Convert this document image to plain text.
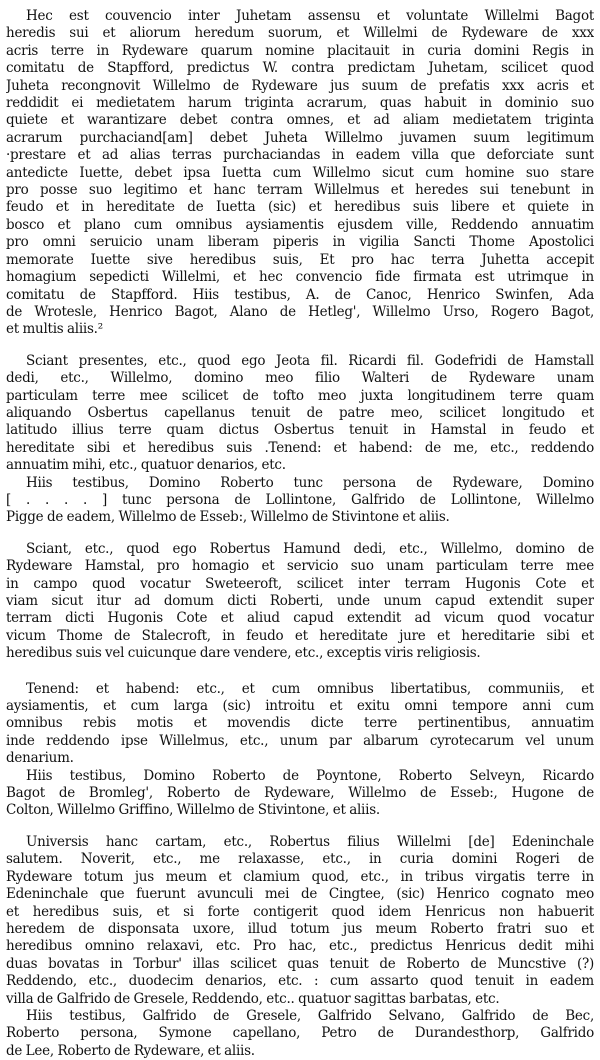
Hec est couvencio inter Juhetam assensu et voluntate Willelmi Bagot
heredis sui et aliorum heredum suorum, et Willelmi de Rydeware de xxx
acris terre in Rydeware quarum nomine placitauit in curia domini Regis in
comitatu de Stapfford, predictus W. contra predictam Juhetam, scilicet quod
Juheta recongnovit Willelmo de Rydeware jus suum de prefatis xxx acris et
reddidit ei medietatem harum triginta acrarum, quas habuit in dominio suo
quiete et warantizare debet contra omnes, et ad aliam medietatem triginta
acrarum purchaciand[am] debet Juheta Willelmo juvamen suum legitimum
·prestare et ad alias terras purchaciandas in eadem villa que deforciate sunt
antedicte Iuette, debet ipsa Iuetta cum Willelmo sicut cum homine suo stare
pro posse suo legitimo et hanc terram Willelmus et heredes sui tenebunt in
feudo et in hereditate de Iuetta (sic) et heredibus suis libere et quiete in
bosco et plano cum omnibus aysiamentis ejusdem ville, Reddendo annuatim
pro omni seruicio unam liberam piperis in vigilia Sancti Thome Apostolici
memorate Iuette sive heredibus suis, Et pro hac terra Juhetta accepit
homagium sepedicti Willelmi, et hec convencio fide firmata est utrimque in
comitatu de Stapfford. Hiis testibus, A. de Canoc, Henrico Swinfen, Ada
de Wrotesle, Henrico Bagot, Alano de Hetleg', Willelmo Urso, Rogero Bagot,
et multis aliis.²
Sciant presentes, etc., quod ego Jeota fil. Ricardi fil. Godefridi de Hamstall
dedi, etc., Willelmo, domino meo filio Walteri de Rydeware unam
particulam terre mee scilicet de tofto meo juxta longitudinem terre quam
aliquando Osbertus capellanus tenuit de patre meo, scilicet longitudo et
latitudo illius terre quam dictus Osbertus tenuit in Hamstal in feudo et
hereditate sibi et heredibus suis .Tenend: et habend: de me, etc., reddendo
annuatim mihi, etc., quatuor denarios, etc.
Hiis testibus, Domino Roberto tunc persona de Rydeware, Domino
[ . . . . ] tunc persona de Lollintone, Galfrido de Lollintone, Willelmo
Pigge de eadem, Willelmo de Esseb:, Willelmo de Stivintone et aliis.
Sciant, etc., quod ego Robertus Hamund dedi, etc., Willelmo, domino de
Rydeware Hamstal, pro homagio et servicio suo unam particulam terre mee
in campo quod vocatur Sweteeroft, scilicet inter terram Hugonis Cote et
viam sicut itur ad domum dicti Roberti, unde unum capud extendit super
terram dicti Hugonis Cote et aliud capud extendit ad vicum quod vocatur
vicum Thome de Stalecroft, in feudo et hereditate jure et hereditarie sibi et
heredibus suis vel cuicunque dare vendere, etc., exceptis viris religiosis.
Tenend: et habend: etc., et cum omnibus libertatibus, communiis, et
aysiamentis, et cum larga (sic) introitu et exitu omni tempore anni cum
omnibus rebis motis et movendis dicte terre pertinentibus, annuatim
inde reddendo ipse Willelmus, etc., unum par albarum cyrotecarum vel unum
denarium.
Hiis testibus, Domino Roberto de Poyntone, Roberto Selveyn, Ricardo
Bagot de Bromleg', Roberto de Rydeware, Willelmo de Esseb:, Hugone de
Colton, Willelmo Griffino, Willelmo de Stivintone, et aliis.
Universis hanc cartam, etc., Robertus filius Willelmi [de] Edeninchale
salutem. Noverit, etc., me relaxasse, etc., in curia domini Rogeri de
Rydeware totum jus meum et clamium quod, etc., in tribus virgatis terre in
Edeninchale que fuerunt avunculi mei de Cingtee, (sic) Henrico cognato meo
et heredibus suis, et si forte contigerit quod idem Henricus non habuerit
heredem de disponsata uxore, illud totum jus meum Roberto fratri suo et
heredibus omnino relaxavi, etc. Pro hac, etc., predictus Henricus dedit mihi
duas bovatas in Torbur' illas scilicet quas tenuit de Roberto de Muncstive (?)
Reddendo, etc., duodecim denarios, etc. : cum assarto quod tenuit in eadem
villa de Galfrido de Gresele, Reddendo, etc.. quatuor sagittas barbatas, etc.
Hiis testibus, Galfrido de Gresele, Galfrido Selvano, Galfrido de Bec,
Roberto persona, Symone capellano, Petro de Durandesthorp, Galfrido
de Lee, Roberto de Rydeware, et aliis.
